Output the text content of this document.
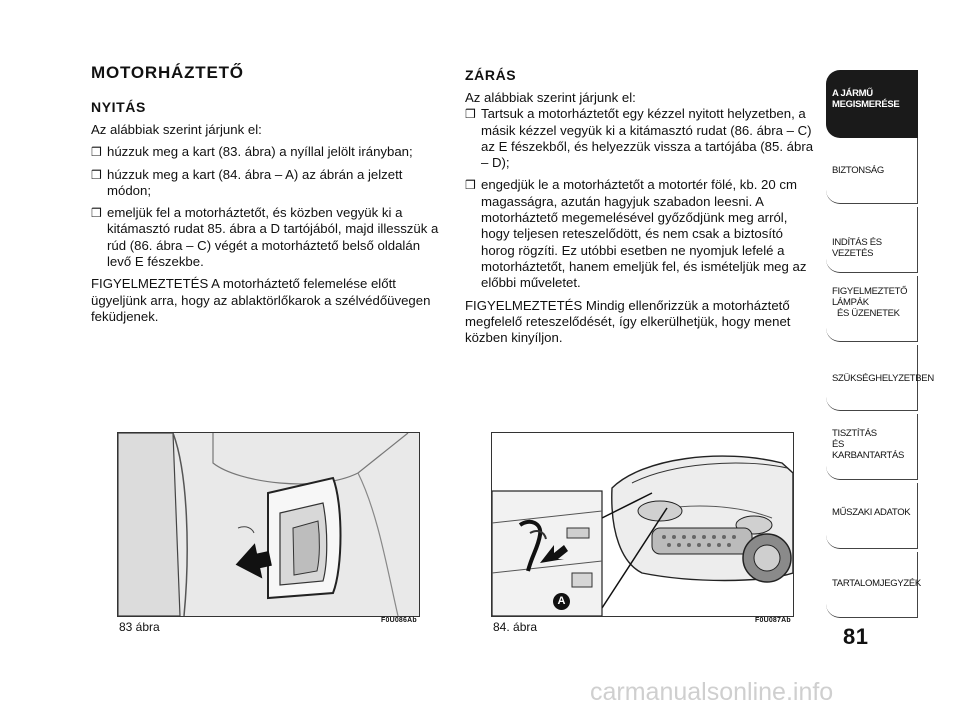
MOTORHÁZTETŐ
NYITÁS

Az alábbiak szerint járjunk el:

❒ húzzuk meg a kart (83. ábra) a nyíllal jelölt irányban;
❒ húzzuk meg a kart (84. ábra – A) az ábrán a jelzett módon;
❒ emeljük fel a motorháztetőt, és közben vegyük ki a kitámasztó rudat 85. ábra a D tartójából, majd illesszük a rúd (86. ábra – C) végét a motorháztető belső oldalán levő E fészekbe.

FIGYELMEZTETÉS A motorháztető felemelése előtt ügyeljünk arra, hogy az ablaktörlőkarok a szélvédőüvegen feküdjenek.

ZÁRÁS

Az alábbiak szerint járjunk el:

❒ Tartsuk a motorháztetőt egy kézzel nyitott helyzetben, a másik kézzel vegyük ki a kitámasztó rudat (86. ábra – C) az E fészekből, és helyezzük vissza a tartójába (85. ábra – D);
❒ engedjük le a motorháztetőt a motortér fölé, kb. 20 cm magasságra, azután hagyjuk szabadon leesni. A motorháztető megemelésével győződjünk meg arról, hogy teljesen reteszelődött, és nem csak a biztosító horog rögzíti. Ez utóbbi esetben ne nyomjuk lefelé a motorháztetőt, hanem emeljük fel, és ismételjük meg az előbbi műveletet.

FIGYELMEZTETÉS Mindig ellenőrizzük a motorháztető megfelelő reteszelődését, így elkerülhetjük, hogy menet közben kinyíljon.

83 ábra	F0U086Ab
A
84. ábra	F0U087Ab
A JÁRMŰ
MEGISMERÉSE
BIZTONSÁG
INDÍTÁS ÉS VEZETÉS
FIGYELMEZTETŐ
LÁMPÁK
ÉS ÜZENETEK
SZÜKSÉGHELYZETBEN
TISZTÍTÁS
ÉS KARBANTARTÁS
MŰSZAKI ADATOK
TARTALOMJEGYZÉK
81
carmanualsonline.info
